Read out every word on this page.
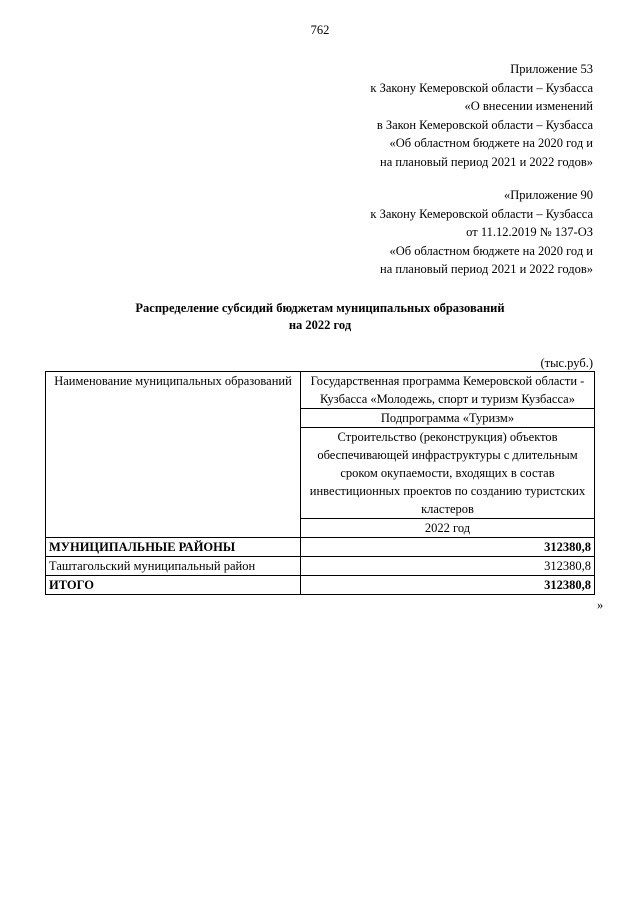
762
Приложение 53
к Закону Кемеровской области – Кузбасса
«О внесении изменений
в Закон Кемеровской области – Кузбасса
«Об областном бюджете на 2020 год и
на плановый период 2021 и 2022 годов»
«Приложение 90
к Закону Кемеровской области – Кузбасса
от 11.12.2019 № 137-ОЗ
«Об областном бюджете на 2020 год и
на плановый период 2021 и 2022 годов»
Распределение субсидий бюджетам муниципальных образований
на 2022 год
(тыс.руб.)
Наименование муниципальных образований	Государственная программа Кемеровской области - Кузбасса «Молодежь, спорт и туризм Кузбасса»
	Подпрограмма «Туризм»
	Строительство (реконструкция) объектов обеспечивающей инфраструктуры с длительным сроком окупаемости, входящих в состав инвестиционных проектов по созданию туристских кластеров
	2022 год
МУНИЦИПАЛЬНЫЕ РАЙОНЫ	312380,8
Таштагольский муниципальный район	312380,8
ИТОГО	312380,8
»
